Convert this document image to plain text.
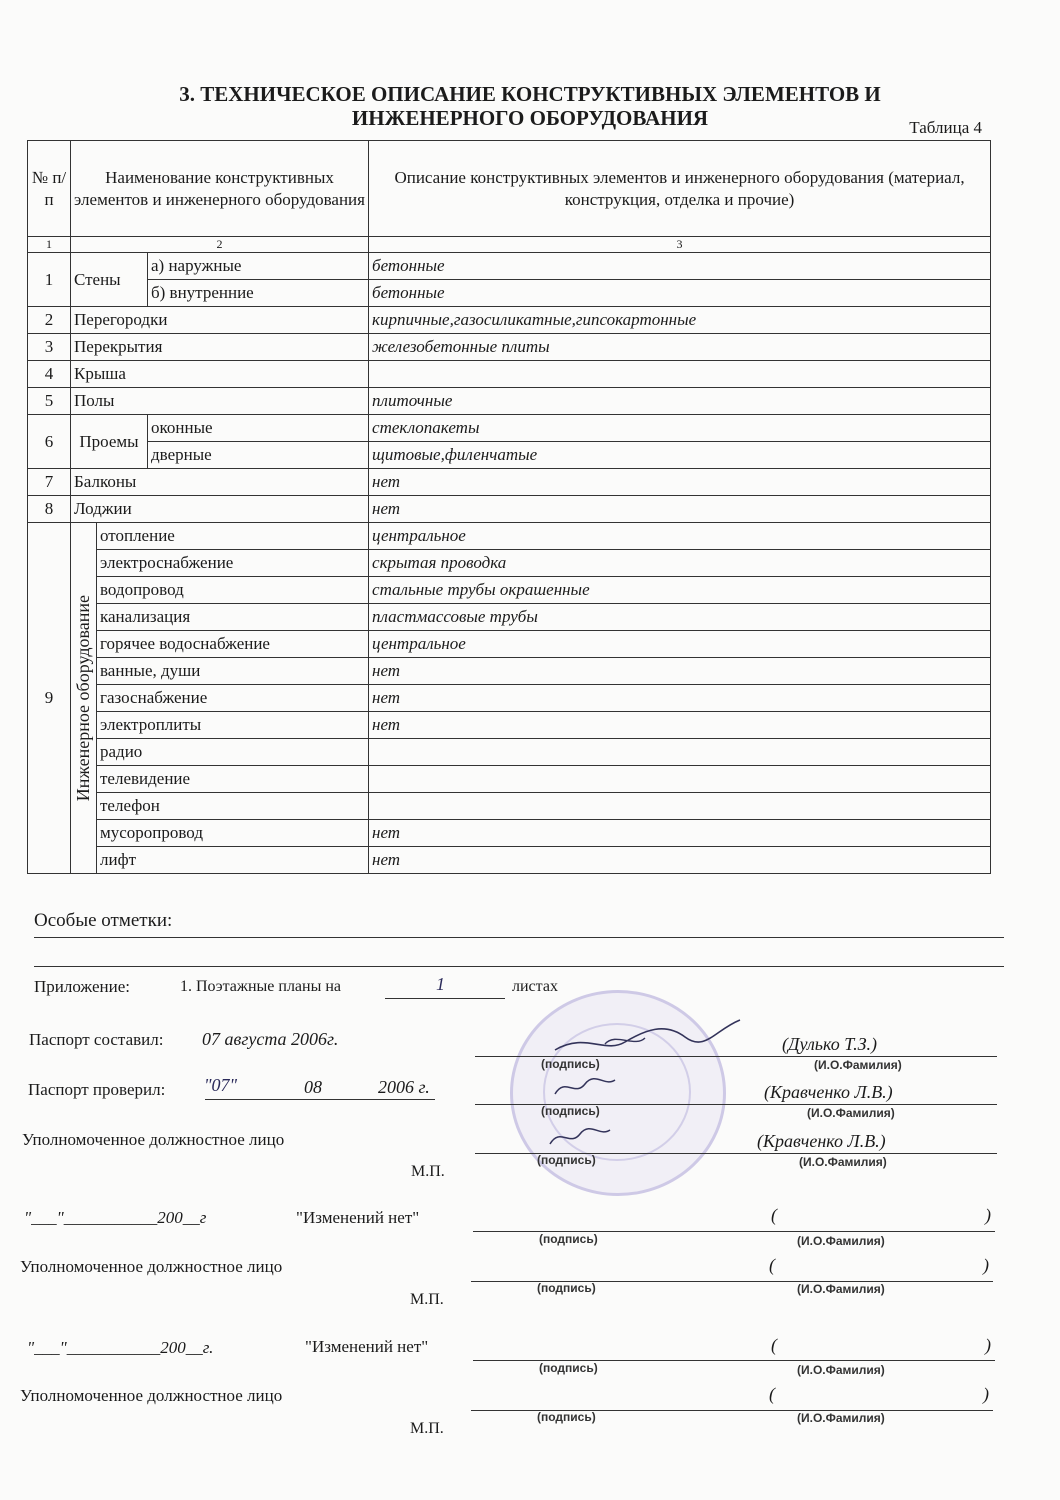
3. ТЕХНИЧЕСКОЕ ОПИСАНИЕ КОНСТРУКТИВНЫХ ЭЛЕМЕНТОВ И
ИНЖЕНЕРНОГО ОБОРУДОВАНИЯ	Таблица 4
№ п/п	Наименование конструктивных элементов и инженерного оборудования			Описание конструктивных элементов и инженерного оборудования (материал, конструкция, отделка и прочие)
1	2			3
1	Стены		а) наружные	бетонные
			б) внутренние	бетонные
2	Перегородки			кирпичные,газосиликатные,гипсокартонные
3	Перекрытия			железобетонные плиты
4	Крыша			
5	Полы			плиточные
6	Проемы		оконные	стеклопакеты
			дверные	щитовые,филенчатые
7	Балконы			нет
8	Лоджии			нет
9	Инженерное оборудование	отопление		центральное
		электроснабжение		скрытая проводка
		водопровод		стальные трубы окрашенные
		канализация		пластмассовые трубы
		горячее водоснабжение		центральное
		ванные, души		нет
		газоснабжение		нет
		электроплиты		нет
		радио		
		телевидение		
		телефон		
		мусоропровод		нет
		лифт		нет
Особые отметки:
Приложение:	1. Поэтажные планы на	1	листах
Паспорт составил: 07 августа 2006г.	(Дулько Т.З.)
(подпись)	(И.О.Фамилия)
Паспорт проверил: "07"	08	2006 г.	(Кравченко Л.В.)
(подпись)	(И.О.Фамилия)
Уполномоченное должностное лицо	(Кравченко Л.В.)
(подпись)	(И.О.Фамилия)
М.П.
"___"___________200__г	"Изменений нет"	(	)
(подпись)	(И.О.Фамилия)
Уполномоченное должностное лицо	(	)
(подпись)	(И.О.Фамилия)
М.П.
"___"___________200__г.	"Изменений нет"	(	)
(подпись)	(И.О.Фамилия)
Уполномоченное должностное лицо	(	)
(подпись)	(И.О.Фамилия)
М.П.
